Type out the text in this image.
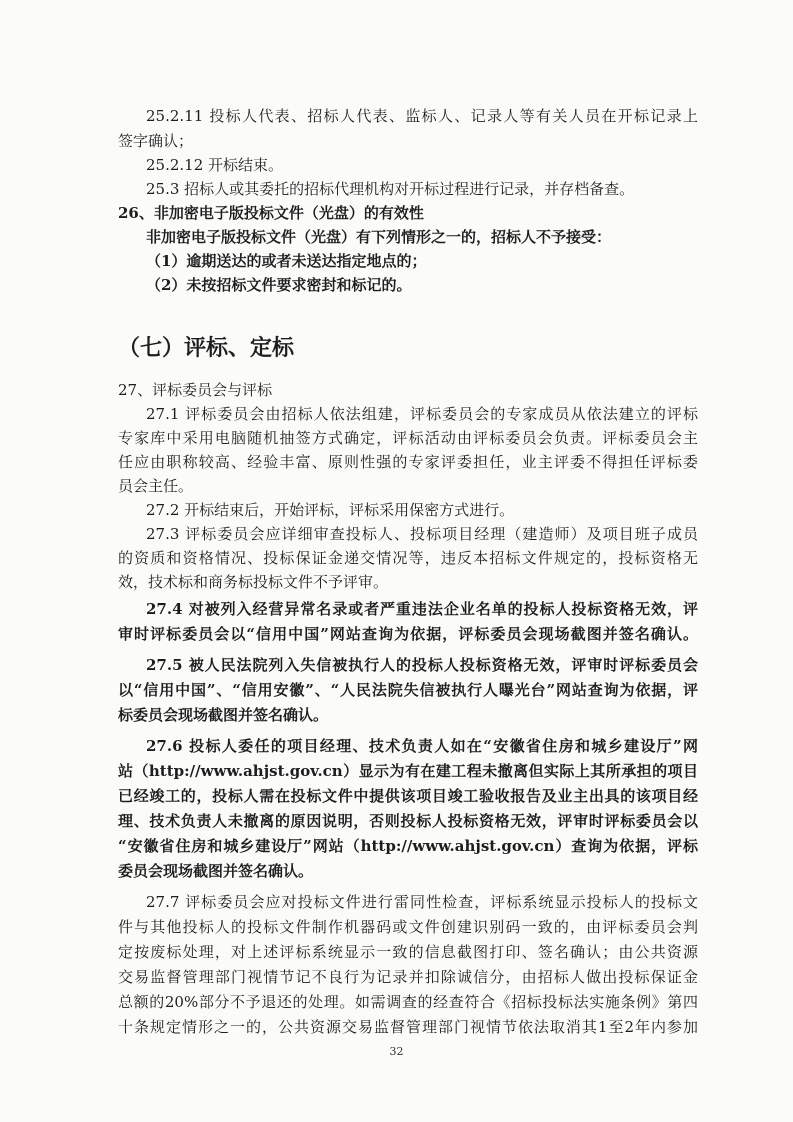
（七）评标、定标
25.2.11 投标人代表、招标人代表、监标人、记录人等有关人员在开标记录上
签字确认；
25.2.12 开标结束。
25.3 招标人或其委托的招标代理机构对开标过程进行记录，并存档备查。
26、非加密电子版投标文件（光盘）的有效性
非加密电子版投标文件（光盘）有下列情形之一的，招标人不予接受：
（1）逾期送达的或者未送达指定地点的；
（2）未按招标文件要求密封和标记的。
27、评标委员会与评标
27.1 评标委员会由招标人依法组建，评标委员会的专家成员从依法建立的评标
专家库中采用电脑随机抽签方式确定，评标活动由评标委员会负责。评标委员会主
任应由职称较高、经验丰富、原则性强的专家评委担任，业主评委不得担任评标委
员会主任。
27.2 开标结束后，开始评标，评标采用保密方式进行。
27.3 评标委员会应详细审查投标人、投标项目经理（建造师）及项目班子成员
的资质和资格情况、投标保证金递交情况等，违反本招标文件规定的，投标资格无
效，技术标和商务标投标文件不予评审。
27.4 对被列入经营异常名录或者严重违法企业名单的投标人投标资格无效，评
审时评标委员会以“信用中国”网站查询为依据，评标委员会现场截图并签名确认。
27.5 被人民法院列入失信被执行人的投标人投标资格无效，评审时评标委员会
以“信用中国”、“信用安徽”、“人民法院失信被执行人曝光台”网站查询为依据，评
标委员会现场截图并签名确认。
27.6 投标人委任的项目经理、技术负责人如在“安徽省住房和城乡建设厅”网
站（http://www.ahjst.gov.cn）显示为有在建工程未撤离但实际上其所承担的项目
已经竣工的，投标人需在投标文件中提供该项目竣工验收报告及业主出具的该项目经
理、技术负责人未撤离的原因说明，否则投标人投标资格无效，评审时评标委员会以
“安徽省住房和城乡建设厅”网站（http://www.ahjst.gov.cn）查询为依据，评标
委员会现场截图并签名确认。
27.7 评标委员会应对投标文件进行雷同性检查，评标系统显示投标人的投标文
件与其他投标人的投标文件制作机器码或文件创建识别码一致的，由评标委员会判
定按废标处理，对上述评标系统显示一致的信息截图打印、签名确认；由公共资源
交易监督管理部门视情节记不良行为记录并扣除诚信分，由招标人做出投标保证金
总额的20%部分不予退还的处理。如需调查的经查符合《招标投标法实施条例》第四
十条规定情形之一的，公共资源交易监督管理部门视情节依法取消其1至2年内参加
32
